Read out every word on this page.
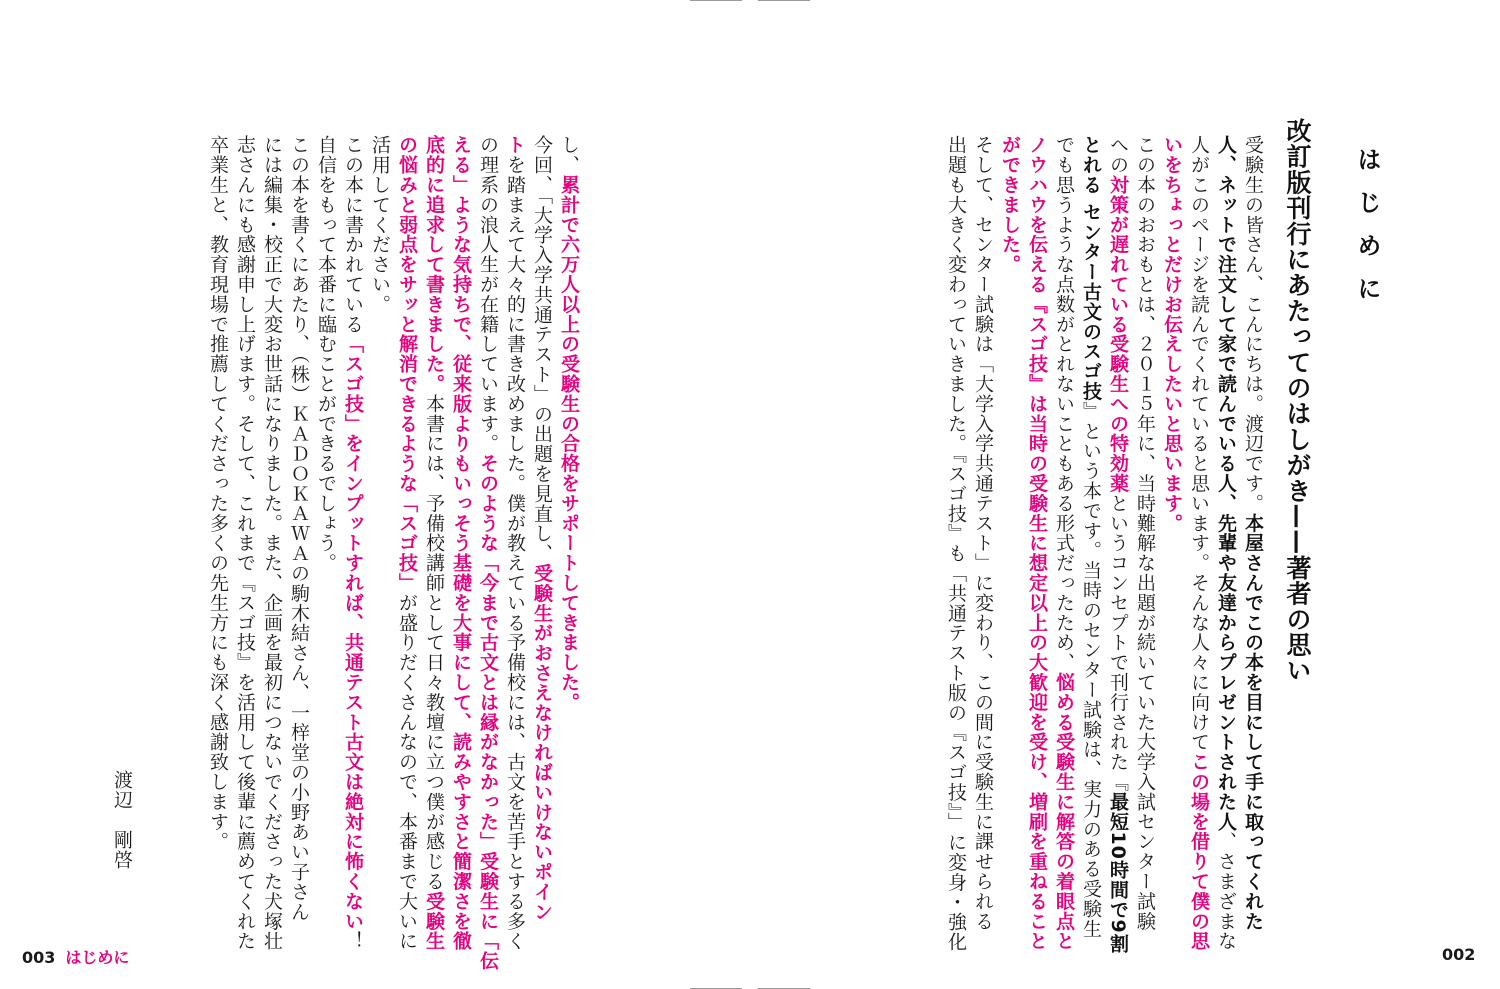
はじめに
改訂版刊行にあたってのはしがき——著者の思い
受験生の皆さん、こんにちは。渡辺です。本屋さんでこの本を目にして手に取ってくれた
人、ネットで注文して家で読んでいる人、先輩や友達からプレゼントされた人、さまざまな
人がこのページを読んでくれていると思います。そんな人々に向けてこの場を借りて僕の思
いをちょっとだけお伝えしたいと思います。
この本のおおもとは、２０１５年に、当時難解な出題が続いていた大学入試センター試験
への対策が遅れている受験生への特効薬というコンセプトで刊行された『最短10時間で9割
とれる センター古文のスゴ技』という本です。当時のセンター試験は、実力のある受験生
でも思うような点数がとれないこともある形式だったため、悩める受験生に解答の着眼点と
ノウハウを伝える『スゴ技』は当時の受験生に想定以上の大歓迎を受け、増刷を重ねること
ができました。
そして、センター試験は「大学入学共通テスト」に変わり、この間に受験生に課せられる
出題も大きく変わっていきました。『スゴ技』も「共通テスト版の『スゴ技』」に変身・強化
し、累計で六万人以上の受験生の合格をサポートしてきました。
今回、「大学入学共通テスト」の出題を見直し、受験生がおさえなければいけないポイン
トを踏まえて大々的に書き改めました。僕が教えている予備校には、古文を苦手とする多く
の理系の浪人生が在籍しています。そのような「今まで古文とは縁がなかった」受験生に「伝
える」ような気持ちで、従来版よりもいっそう基礎を大事にして、読みやすさと簡潔さを徹
底的に追求して書きました。本書には、予備校講師として日々教壇に立つ僕が感じる受験生
の悩みと弱点をサッと解消できるような「スゴ技」が盛りだくさんなので、本番まで大いに
活用してください。
この本に書かれている「スゴ技」をインプットすれば、共通テスト古文は絶対に怖くない！
自信をもって本番に臨むことができるでしょう。
この本を書くにあたり、（株）ＫＡＤＯＫＡＷＡの駒木結さん、一梓堂の小野あい子さん
には編集・校正で大変お世話になりました。また、企画を最初につないでくださった犬塚壮
志さんにも感謝申し上げます。そして、これまで『スゴ技』を活用して後輩に薦めてくれた
卒業生と、教育現場で推薦してくださった多くの先生方にも深く感謝致します。
渡辺　剛啓
003 はじめに	002
